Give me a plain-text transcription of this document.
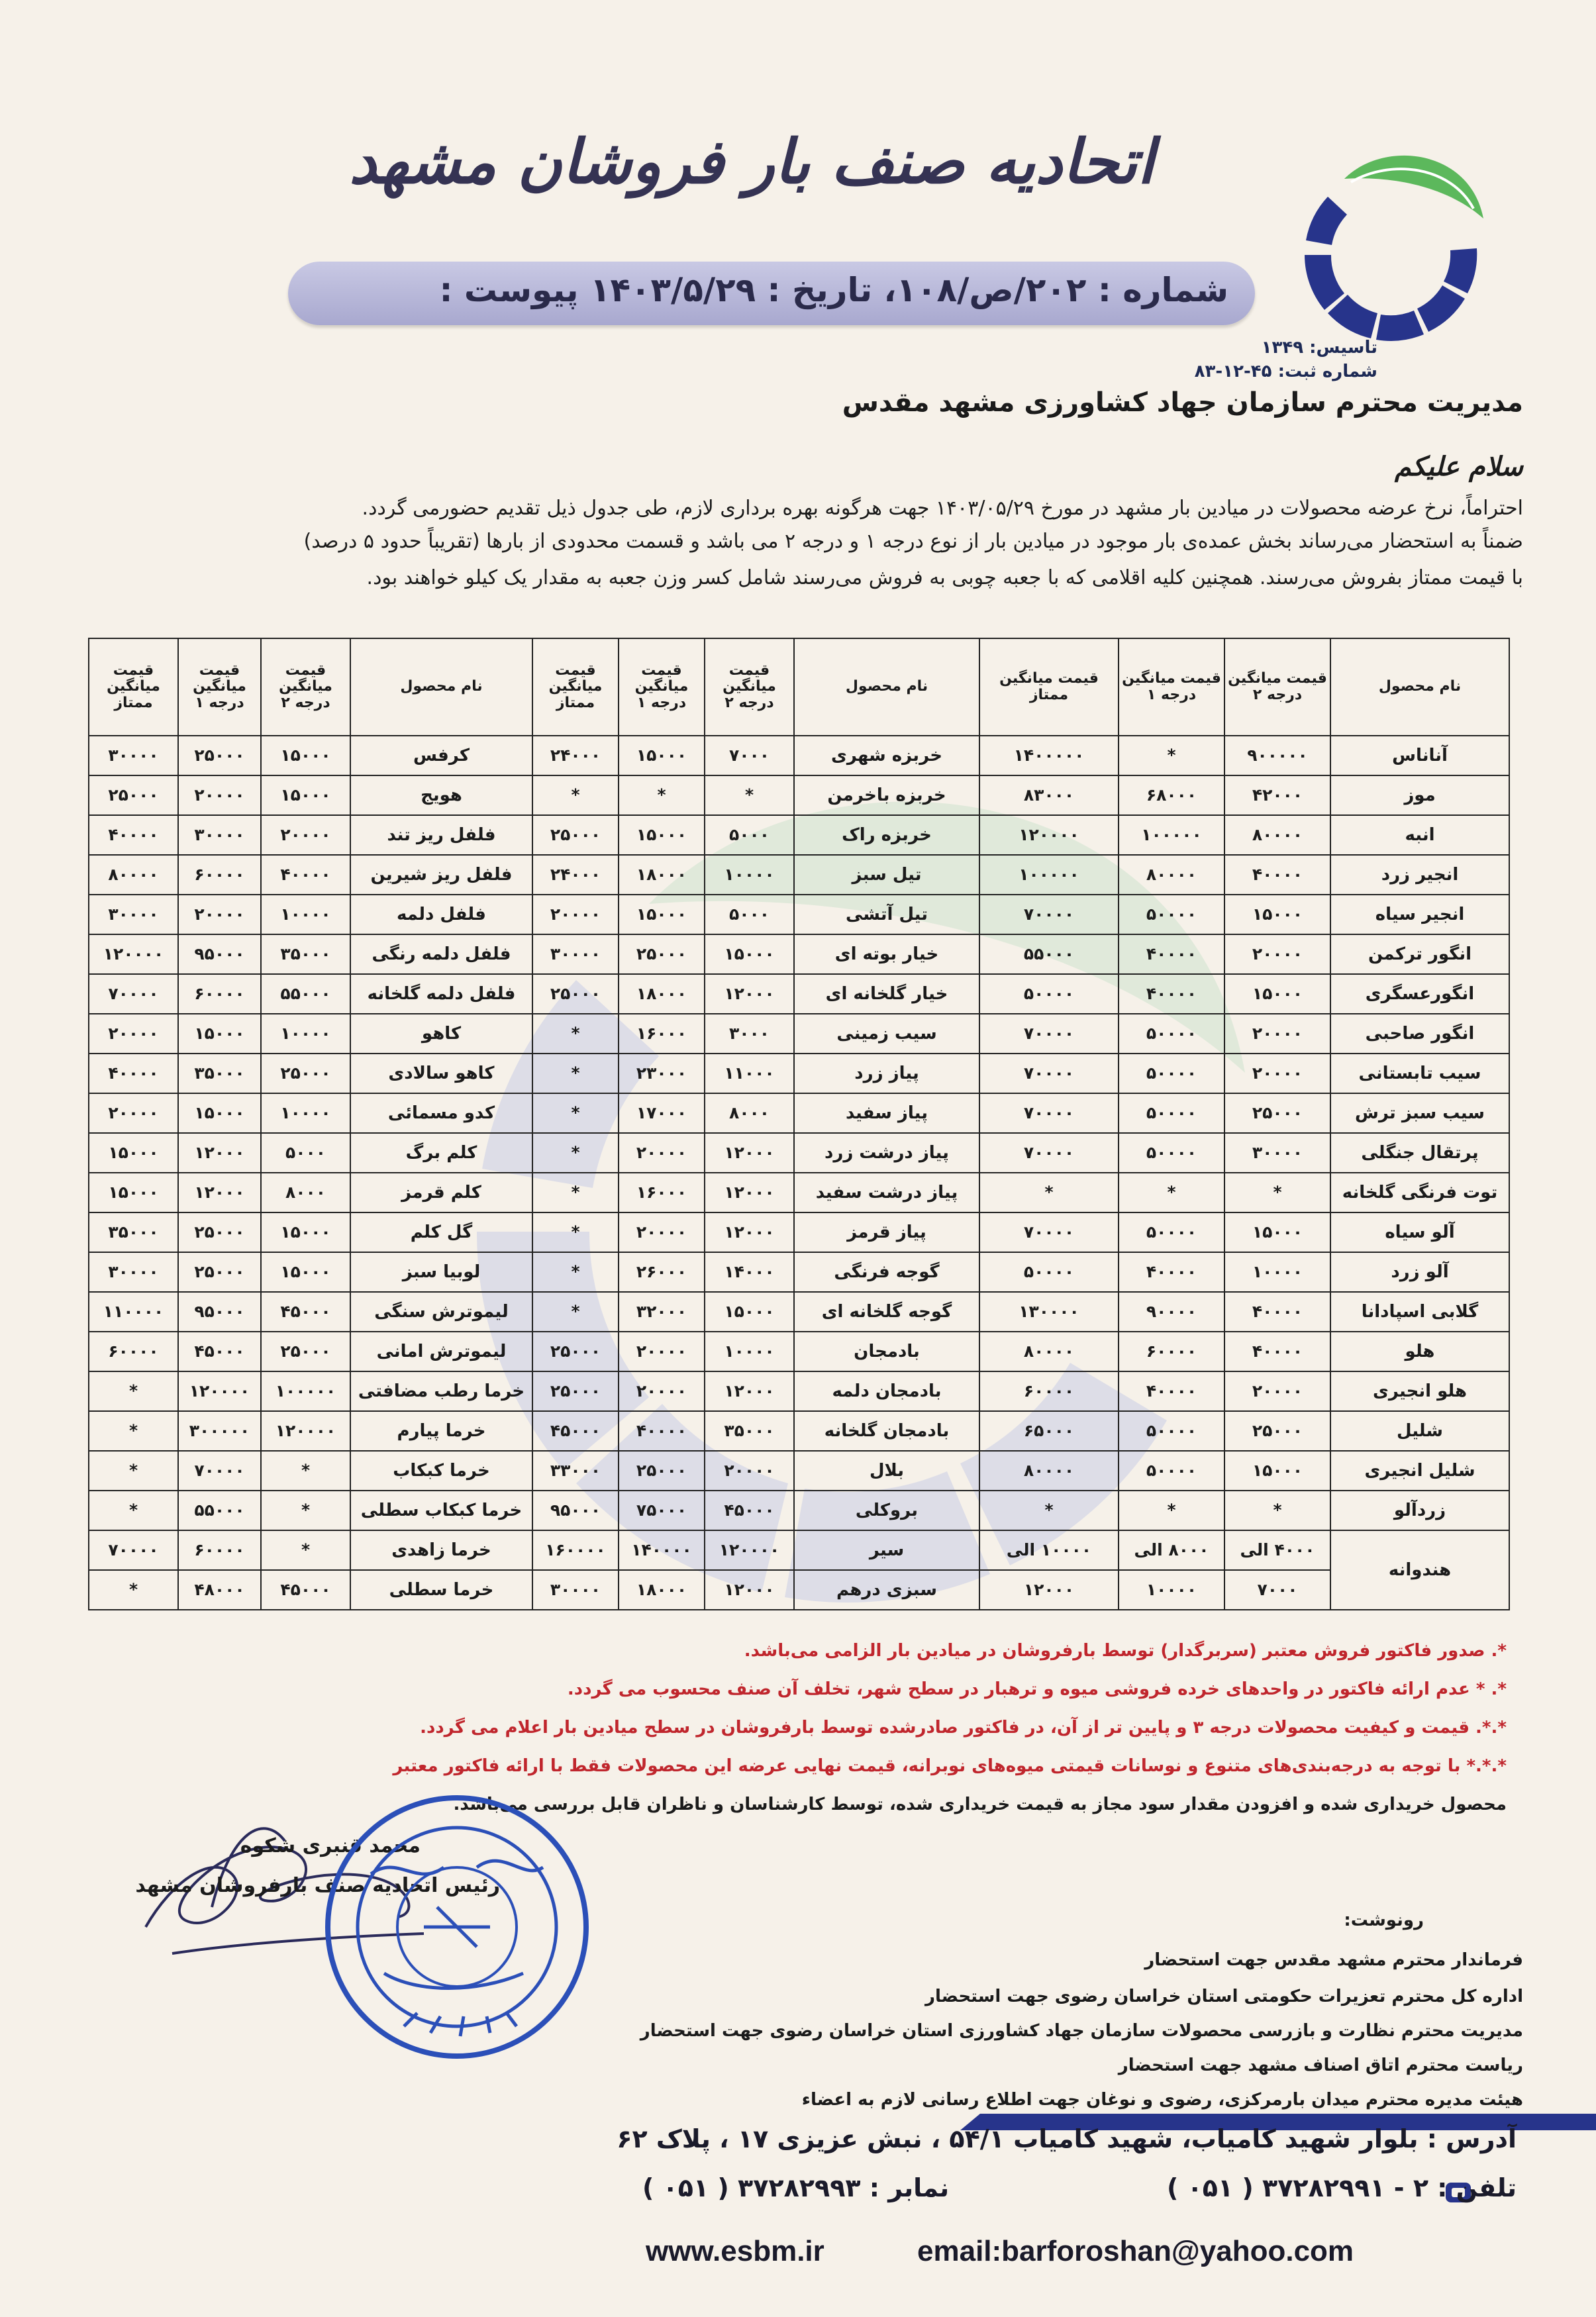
اتحادیه صنف بار فروشان مشهد
شماره : ۲۰۲/ص/۱۰۸، تاریخ : ۱۴۰۳/۵/۲۹ پیوست :
تاسیس: ۱۳۴۹
شماره ثبت: ۴۵-۱۲-۸۳
مدیریت محترم سازمان جهاد کشاورزی مشهد مقدس
سلام علیکم
احتراماً، نرخ عرضه محصولات در میادین بار مشهد در مورخ ۱۴۰۳/۰۵/۲۹ جهت هرگونه بهره برداری لازم، طی جدول ذیل تقدیم حضورمی گردد.
ضمناً به استحضار می‌رساند بخش عمده‌ی بار موجود در میادین بار از نوع درجه ۱ و درجه ۲ می باشد و قسمت محدودی از بارها (تقریباً حدود ۵ درصد)
با قیمت ممتاز بفروش می‌رسند. همچنین کلیه اقلامی که با جعبه چوبی به فروش می‌رسند شامل کسر وزن جعبه به مقدار یک کیلو خواهند بود.
نام محصول	قیمت میانگین درجه ۲	قیمت میانگین درجه ۱	قیمت میانگین ممتاز	نام محصول	قیمت میانگین درجه ۲	قیمت میانگین درجه ۱	قیمت میانگین ممتاز	نام محصول	قیمت میانگین درجه ۲	قیمت میانگین درجه ۱	قیمت میانگین ممتاز
آناناس	۹۰۰۰۰۰	*	۱۴۰۰۰۰۰	خربزه شهری	۷۰۰۰	۱۵۰۰۰	۲۴۰۰۰	کرفس	۱۵۰۰۰	۲۵۰۰۰	۳۰۰۰۰
موز	۴۲۰۰۰	۶۸۰۰۰	۸۳۰۰۰	خربزه باخرمن	*	*	*	هویج	۱۵۰۰۰	۲۰۰۰۰	۲۵۰۰۰
انبه	۸۰۰۰۰	۱۰۰۰۰۰	۱۲۰۰۰۰	خربزه راک	۵۰۰۰	۱۵۰۰۰	۲۵۰۰۰	فلفل ریز تند	۲۰۰۰۰	۳۰۰۰۰	۴۰۰۰۰
انجیر زرد	۴۰۰۰۰	۸۰۰۰۰	۱۰۰۰۰۰	تیل سبز	۱۰۰۰۰	۱۸۰۰۰	۲۴۰۰۰	فلفل ریز شیرین	۴۰۰۰۰	۶۰۰۰۰	۸۰۰۰۰
انجیر سیاه	۱۵۰۰۰	۵۰۰۰۰	۷۰۰۰۰	تیل آتشی	۵۰۰۰	۱۵۰۰۰	۲۰۰۰۰	فلفل دلمه	۱۰۰۰۰	۲۰۰۰۰	۳۰۰۰۰
انگور ترکمن	۲۰۰۰۰	۴۰۰۰۰	۵۵۰۰۰	خیار بوته ای	۱۵۰۰۰	۲۵۰۰۰	۳۰۰۰۰	فلفل دلمه رنگی	۳۵۰۰۰	۹۵۰۰۰	۱۲۰۰۰۰
انگورعسگری	۱۵۰۰۰	۴۰۰۰۰	۵۰۰۰۰	خیار گلخانه ای	۱۲۰۰۰	۱۸۰۰۰	۲۵۰۰۰	فلفل دلمه گلخانه	۵۵۰۰۰	۶۰۰۰۰	۷۰۰۰۰
انگور صاحبی	۲۰۰۰۰	۵۰۰۰۰	۷۰۰۰۰	سیب زمینی	۳۰۰۰	۱۶۰۰۰	*	کاهو	۱۰۰۰۰	۱۵۰۰۰	۲۰۰۰۰
سیب تابستانی	۲۰۰۰۰	۵۰۰۰۰	۷۰۰۰۰	پیاز زرد	۱۱۰۰۰	۲۳۰۰۰	*	کاهو سالادی	۲۵۰۰۰	۳۵۰۰۰	۴۰۰۰۰
سیب سبز ترش	۲۵۰۰۰	۵۰۰۰۰	۷۰۰۰۰	پیاز سفید	۸۰۰۰	۱۷۰۰۰	*	کدو مسمائی	۱۰۰۰۰	۱۵۰۰۰	۲۰۰۰۰
پرتقال جنگلی	۳۰۰۰۰	۵۰۰۰۰	۷۰۰۰۰	پیاز درشت زرد	۱۲۰۰۰	۲۰۰۰۰	*	کلم برگ	۵۰۰۰	۱۲۰۰۰	۱۵۰۰۰
توت فرنگی گلخانه	*	*	*	پیاز درشت سفید	۱۲۰۰۰	۱۶۰۰۰	*	کلم قرمز	۸۰۰۰	۱۲۰۰۰	۱۵۰۰۰
آلو سیاه	۱۵۰۰۰	۵۰۰۰۰	۷۰۰۰۰	پیاز قرمز	۱۲۰۰۰	۲۰۰۰۰	*	گل کلم	۱۵۰۰۰	۲۵۰۰۰	۳۵۰۰۰
آلو زرد	۱۰۰۰۰	۴۰۰۰۰	۵۰۰۰۰	گوجه فرنگی	۱۴۰۰۰	۲۶۰۰۰	*	لوبیا سبز	۱۵۰۰۰	۲۵۰۰۰	۳۰۰۰۰
گلابی اسپادانا	۴۰۰۰۰	۹۰۰۰۰	۱۳۰۰۰۰	گوجه گلخانه ای	۱۵۰۰۰	۳۲۰۰۰	*	لیموترش سنگی	۴۵۰۰۰	۹۵۰۰۰	۱۱۰۰۰۰
هلو	۴۰۰۰۰	۶۰۰۰۰	۸۰۰۰۰	بادمجان	۱۰۰۰۰	۲۰۰۰۰	۲۵۰۰۰	لیموترش امانی	۲۵۰۰۰	۴۵۰۰۰	۶۰۰۰۰
هلو انجیری	۲۰۰۰۰	۴۰۰۰۰	۶۰۰۰۰	بادمجان دلمه	۱۲۰۰۰	۲۰۰۰۰	۲۵۰۰۰	خرما رطب مضافتی	۱۰۰۰۰۰	۱۲۰۰۰۰	*
شلیل	۲۵۰۰۰	۵۰۰۰۰	۶۵۰۰۰	بادمجان گلخانه	۳۵۰۰۰	۴۰۰۰۰	۴۵۰۰۰	خرما پیارم	۱۲۰۰۰۰	۳۰۰۰۰۰	*
شلیل انجیری	۱۵۰۰۰	۵۰۰۰۰	۸۰۰۰۰	بلال	۲۰۰۰۰	۲۵۰۰۰	۳۳۰۰۰	خرما کبکاب	*	۷۰۰۰۰	*
زردآلو	*	*	*	بروکلی	۴۵۰۰۰	۷۵۰۰۰	۹۵۰۰۰	خرما کبکاب سطلی	*	۵۵۰۰۰	*
هندوانه	۴۰۰۰ الی	۸۰۰۰ الی	۱۰۰۰۰ الی	سیر	۱۲۰۰۰۰	۱۴۰۰۰۰	۱۶۰۰۰۰	خرما زاهدی	*	۶۰۰۰۰	۷۰۰۰۰
	۷۰۰۰	۱۰۰۰۰	۱۲۰۰۰	سبزی درهم	۱۲۰۰۰	۱۸۰۰۰	۳۰۰۰۰	خرما سطلی	۴۵۰۰۰	۴۸۰۰۰	*
*. صدور فاکتور فروش معتبر (سربرگدار) توسط بارفروشان در میادین بار الزامی می‌باشد.
*. * عدم ارائه فاکتور در واحدهای خرده فروشی میوه و ترهبار در سطح شهر، تخلف آن صنف محسوب می گردد.
*.*. قیمت و کیفیت محصولات درجه ۳ و پایین تر از آن، در فاکتور صادرشده توسط بارفروشان در سطح میادین بار اعلام می گردد.
*.*.* با توجه به درجه‌بندی‌های متنوع و نوسانات قیمتی میوه‌های نوبرانه، قیمت نهایی عرضه این محصولات فقط با ارائه فاکتور معتبر
محصول خریداری شده و افزودن مقدار سود مجاز به قیمت خریداری شده، توسط کارشناسان و ناظران قابل بررسی می‌باشد.
محمد قنبری شکوه
رئیس اتحادیه صنف بارفروشان مشهد
رونوشت:
فرماندار محترم مشهد مقدس جهت استحضار
اداره کل محترم تعزیرات حکومتی استان خراسان رضوی جهت استحضار
مدیریت محترم نظارت و بازرسی محصولات سازمان جهاد کشاورزی استان خراسان رضوی جهت استحضار
ریاست محترم اتاق اصناف مشهد جهت استحضار
هیئت مدیره محترم میدان بارمرکزی، رضوی و نوغان جهت اطلاع رسانی لازم به اعضاء
آدرس : بلوار شهید کامیاب، شهید کامیاب ۵۴/۱ ، نبش عزیزی ۱۷ ، پلاک ۶۲
تلفن : ۲ - ۳۷۲۸۲۹۹۱ ( ۰۵۱ )
نمابر : ۳۷۲۸۲۹۹۳ ( ۰۵۱ )
www.esbm.ir	email:barforoshan@yahoo.com
